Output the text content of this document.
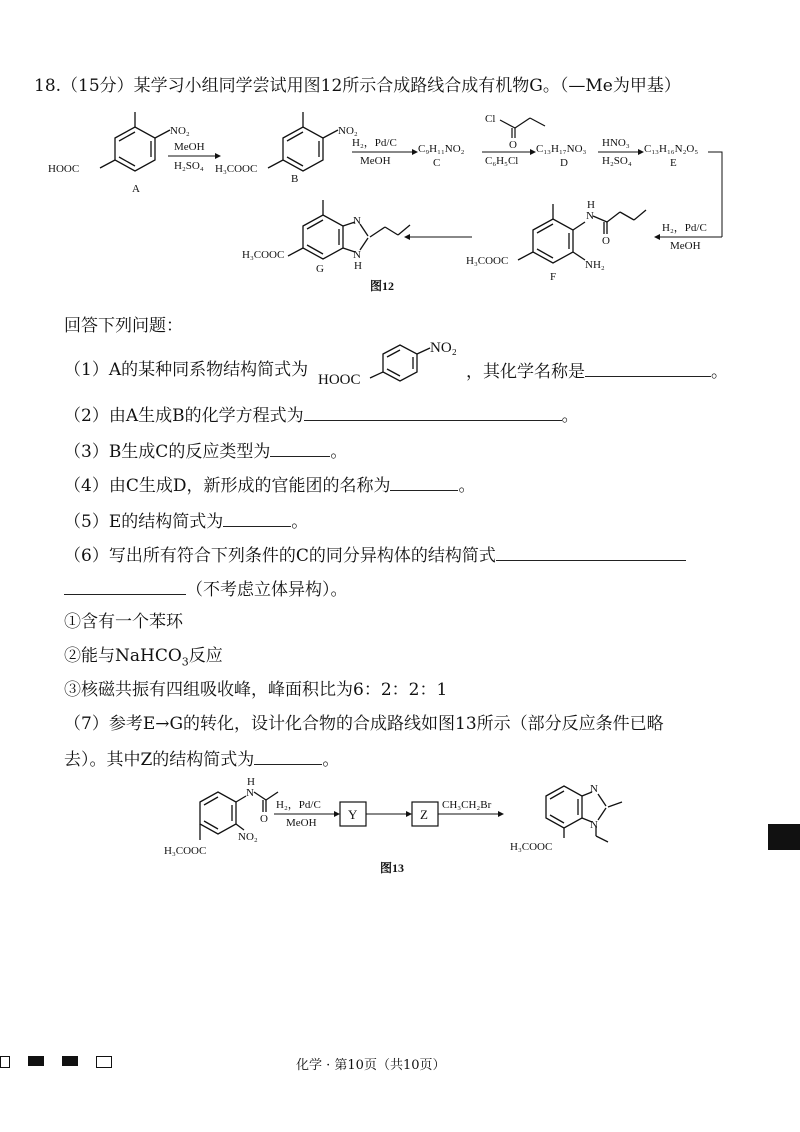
18.（15分）某学习小组同学尝试用图12所示合成路线合成有机物G。（—Me为甲基）
HOOC
NO₂
A
MeOH
H₂SO₄ H₃COOC
NO₂
B
H₂，Pd/C
MeOH
C₉H₁₁NO₂
C
Cl
O
C₆H₅Cl
C₁₃H₁₇NO₃
D
HNO₃
H₂SO₄
C₁₃H₁₆N₂O₅
E
H₂，Pd/C
MeOH
N
H
O
NH₂
H₃COOC
F
N
N
H
H₃COOC
G
图12
回答下列问题：
（1）A的某种同系物结构简式为 HOOC
NO₂
，其化学名称是	。
（2）由A生成B的化学方程式为	。
（3）B生成C的反应类型为	。
（4）由C生成D，新形成的官能团的名称为	。
（5）E的结构简式为	。
（6）写出所有符合下列条件的C的同分异构体的结构简式
（不考虑立体异构）。
①含有一个苯环
②能与NaHCO$_3$反应
③核磁共振有四组吸收峰，峰面积比为6：2：2：1
（7）参考E→G的转化，设计化合物的合成路线如图13所示（部分反应条件已略
去）。其中Z的结构简式为	。
N
H
O
NO₂
H₃COOC
H₂，Pd/C
MeOH
Y	Z
CH₃CH₂Br
N
N
H₃COOC
图13
化学 · 第10页（共10页）
